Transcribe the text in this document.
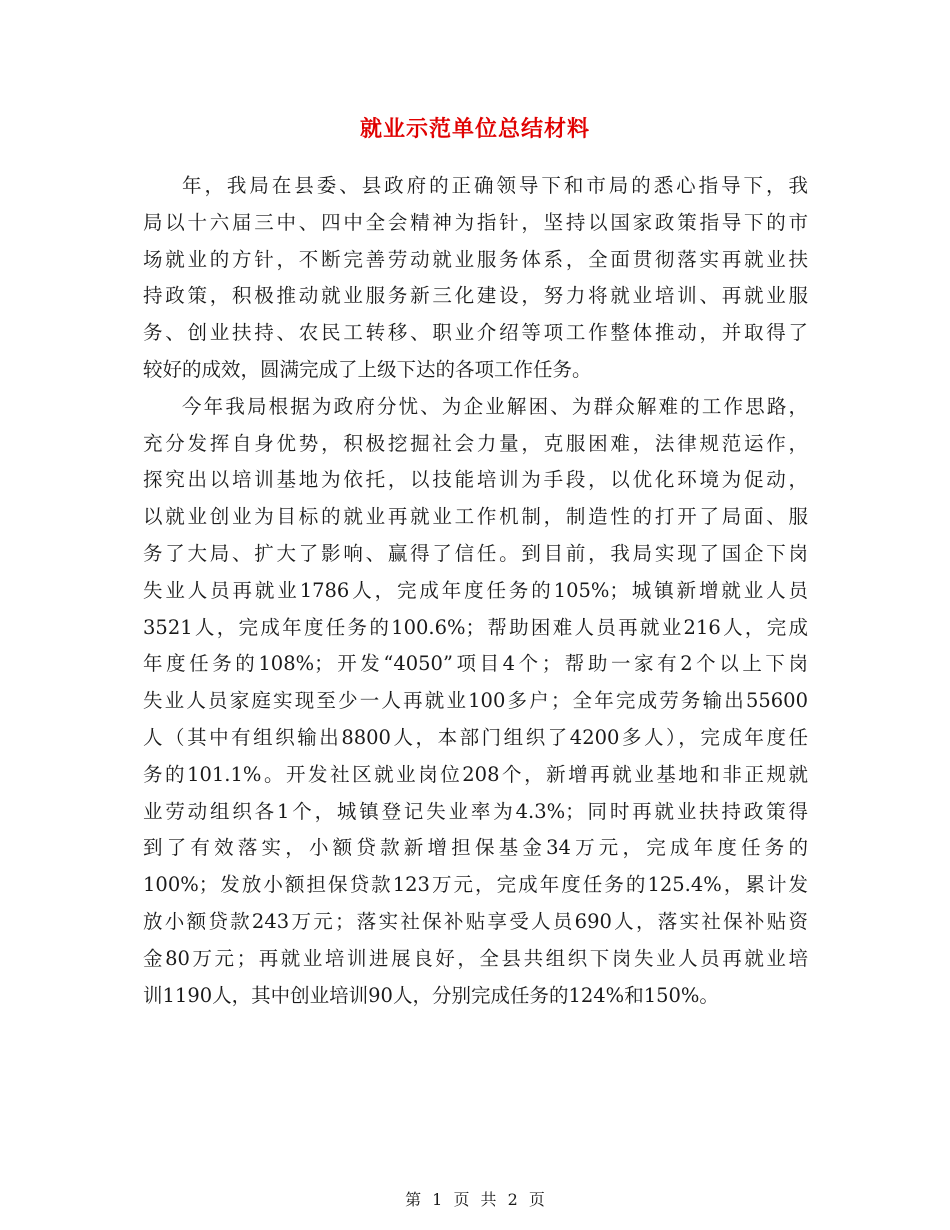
就业示范单位总结材料
年，我局在县委、县政府的正确领导下和市局的悉心指导下，我
局以十六届三中、四中全会精神为指针，坚持以国家政策指导下的市
场就业的方针，不断完善劳动就业服务体系，全面贯彻落实再就业扶
持政策，积极推动就业服务新三化建设，努力将就业培训、再就业服
务、创业扶持、农民工转移、职业介绍等项工作整体推动，并取得了
较好的成效，圆满完成了上级下达的各项工作任务。
今年我局根据为政府分忧、为企业解困、为群众解难的工作思路，
充分发挥自身优势，积极挖掘社会力量，克服困难，法律规范运作，
探究出以培训基地为依托，以技能培训为手段，以优化环境为促动，
以就业创业为目标的就业再就业工作机制，制造性的打开了局面、服
务了大局、扩大了影响、赢得了信任。到目前，我局实现了国企下岗
失业人员再就业1786人，完成年度任务的105%；城镇新增就业人员
3521人，完成年度任务的100.6%；帮助困难人员再就业216人，完成
年度任务的108%；开发“4050”项目4个；帮助一家有2个以上下岗
失业人员家庭实现至少一人再就业100多户；全年完成劳务输出55600
人（其中有组织输出8800人，本部门组织了4200多人），完成年度任
务的101.1%。开发社区就业岗位208个，新增再就业基地和非正规就
业劳动组织各1个，城镇登记失业率为4.3%；同时再就业扶持政策得
到了有效落实，小额贷款新增担保基金34万元，完成年度任务的
100%；发放小额担保贷款123万元，完成年度任务的125.4%，累计发
放小额贷款243万元；落实社保补贴享受人员690人，落实社保补贴资
金80万元；再就业培训进展良好，全县共组织下岗失业人员再就业培
训1190人，其中创业培训90人，分别完成任务的124%和150%。
第 1 页 共 2 页
